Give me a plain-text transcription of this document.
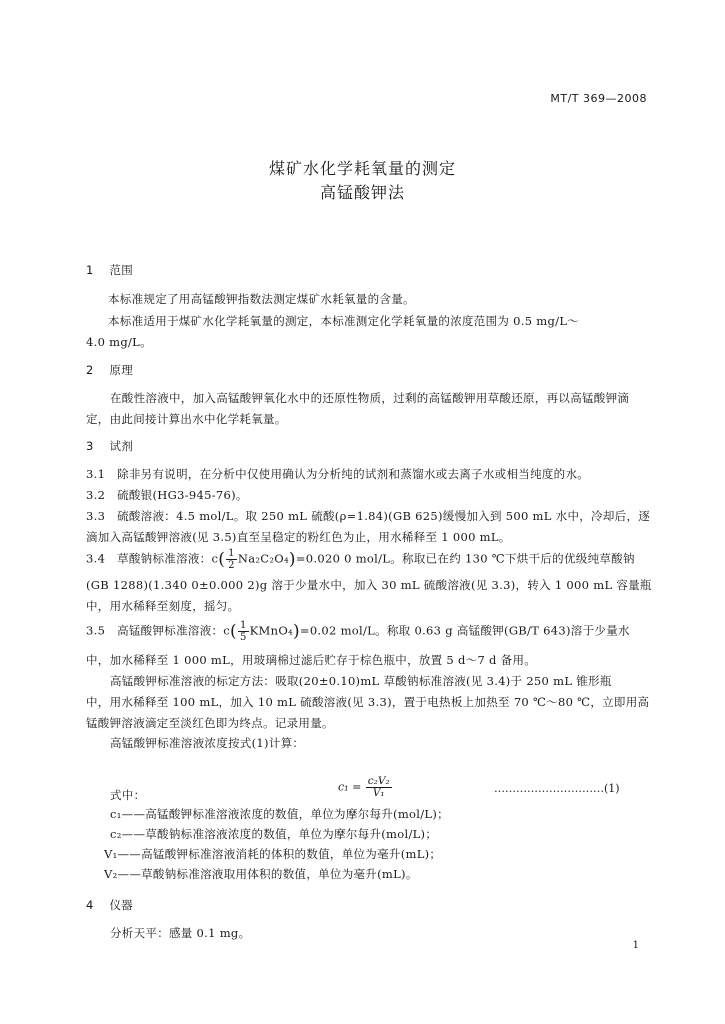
MT/T 369—2008
煤矿水化学耗氧量的测定
高锰酸钾法
1 范围
本标准规定了用高锰酸钾指数法测定煤矿水耗氧量的含量。
本标准适用于煤矿水化学耗氧量的测定，本标准测定化学耗氧量的浓度范围为 0.5 mg/L～
4.0 mg/L。
2 原理
在酸性溶液中，加入高锰酸钾氧化水中的还原性物质，过剩的高锰酸钾用草酸还原，再以高锰酸钾滴
定，由此间接计算出水中化学耗氧量。
3 试剂
3.1 除非另有说明，在分析中仅使用确认为分析纯的试剂和蒸馏水或去离子水或相当纯度的水。
3.2 硫酸银(HG3-945-76)。
3.3 硫酸溶液：4.5 mol/L。取 250 mL 硫酸(ρ=1.84)(GB 625)缓慢加入到 500 mL 水中，冷却后，逐
滴加入高锰酸钾溶液(见 3.5)直至呈稳定的粉红色为止，用水稀释至 1 000 mL。
3.4 草酸钠标准溶液：$c( \frac{1}{2} Na_2C_2O_4)=0.020$ 0 mol/L。称取已在约 130 ℃下烘干后的优级纯草酸钠
(GB 1288)(1.340 0±0.000 2)g 溶于少量水中，加入 30 mL 硫酸溶液(见 3.3)，转入 1 000 mL 容量瓶
中，用水稀释至刻度，摇匀。
3.5 高锰酸钾标准溶液：$c( \frac{1}{5}$ KMnO₄)=0.02 mol/L。称取 0.63 g 高锰酸钾(GB/T 643)溶于少量水
中，加水稀释至 1 000 mL，用玻璃棉过滤后贮存于棕色瓶中，放置 5 d～7 d 备用。
高锰酸钾标准溶液的标定方法：吸取(20±0.10)mL 草酸钠标准溶液(见 3.4)于 250 mL 锥形瓶
中，用水稀释至 100 mL，加入 10 mL 硫酸溶液(见 3.3)，置于电热板上加热至 70 ℃～80 ℃，立即用高
锰酸钾溶液滴定至淡红色即为终点。记录用量。
高锰酸钾标准溶液浓度按式(1)计算：
$c_1 = \frac{\text{c₂V₂}}{\text{V₁}}$	…………………………(1)
式中：
c₁——高锰酸钾标准溶液浓度的数值，单位为摩尔每升(mol/L)；
c₂——草酸钠标准溶液浓度的数值，单位为摩尔每升(mol/L)；
V₁——高锰酸钾标准溶液消耗的体积的数值，单位为毫升(mL)；
V₂——草酸钠标准溶液取用体积的数值，单位为毫升(mL)。
4 仪器
分析天平：感量 0.1 mg。
1
